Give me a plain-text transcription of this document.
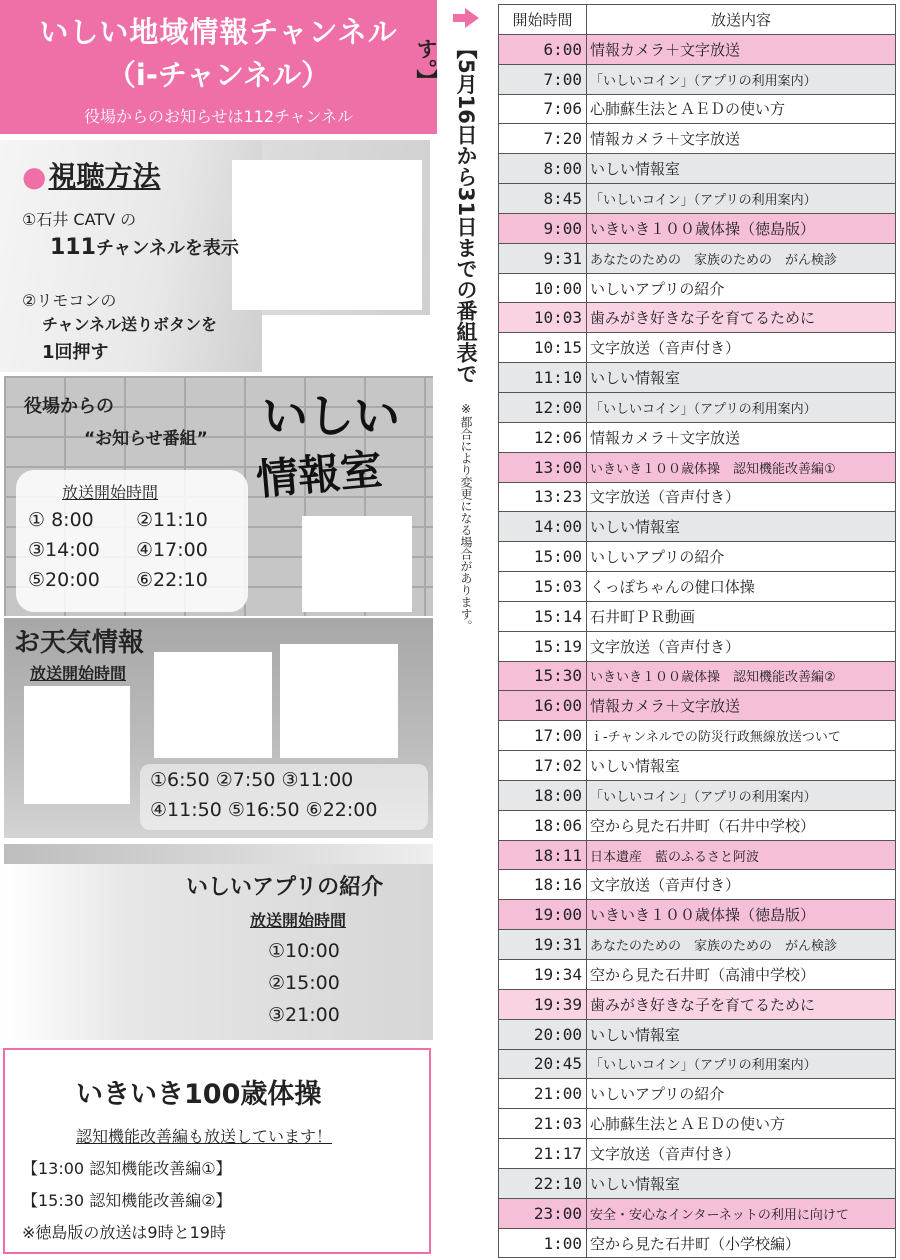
いしい地域情報チャンネル
（i-チャンネル）
役場からのお知らせは112チャンネル
●視聴方法
①石井 CATV の
111チャンネルを表示
②リモコンの
チャンネル送りボタンを
1回押す
役場からの
“お知らせ番組” いしい
情報室
放送開始時間
① 8:00 ②11:10
③14:00 ④17:00
⑤20:00 ⑥22:10
お天気情報
放送開始時間
①6:50 ②7:50 ③11:00
④11:50 ⑤16:50 ⑥22:00
いしいアプリの紹介
放送開始時間
①10:00
②15:00
③21:00
いきいき100歳体操
認知機能改善編も放送しています！
【13:00 認知機能改善編①】
【15:30 認知機能改善編②】
※徳島版の放送は9時と19時
【5月16日から31日までの番組表です。】
※都合により変更になる場合があります。
開始時間	放送内容
6:00	情報カメラ＋文字放送
7:00	「いしいコイン」（アプリの利用案内）
7:06	心肺蘇生法とＡＥＤの使い方
7:20	情報カメラ＋文字放送
8:00	いしい情報室
8:45	「いしいコイン」（アプリの利用案内）
9:00	いきいき１００歳体操（徳島版）
9:31	あなたのための　家族のための　がん検診
10:00	いしいアプリの紹介
10:03	歯みがき好きな子を育てるために
10:15	文字放送（音声付き）
11:10	いしい情報室
12:00	「いしいコイン」（アプリの利用案内）
12:06	情報カメラ＋文字放送
13:00	いきいき１００歳体操　認知機能改善編①
13:23	文字放送（音声付き）
14:00	いしい情報室
15:00	いしいアプリの紹介
15:03	くっぽちゃんの健口体操
15:14	石井町ＰＲ動画
15:19	文字放送（音声付き）
15:30	いきいき１００歳体操　認知機能改善編②
16:00	情報カメラ＋文字放送
17:00	ｉ-チャンネルでの防災行政無線放送ついて
17:02	いしい情報室
18:00	「いしいコイン」（アプリの利用案内）
18:06	空から見た石井町（石井中学校）
18:11	日本遺産　藍のふるさと阿波
18:16	文字放送（音声付き）
19:00	いきいき１００歳体操（徳島版）
19:31	あなたのための　家族のための　がん検診
19:34	空から見た石井町（高浦中学校）
19:39	歯みがき好きな子を育てるために
20:00	いしい情報室
20:45	「いしいコイン」（アプリの利用案内）
21:00	いしいアプリの紹介
21:03	心肺蘇生法とＡＥＤの使い方
21:17	文字放送（音声付き）
22:10	いしい情報室
23:00	安全・安心なインターネットの利用に向けて
1:00	空から見た石井町（小学校編）
